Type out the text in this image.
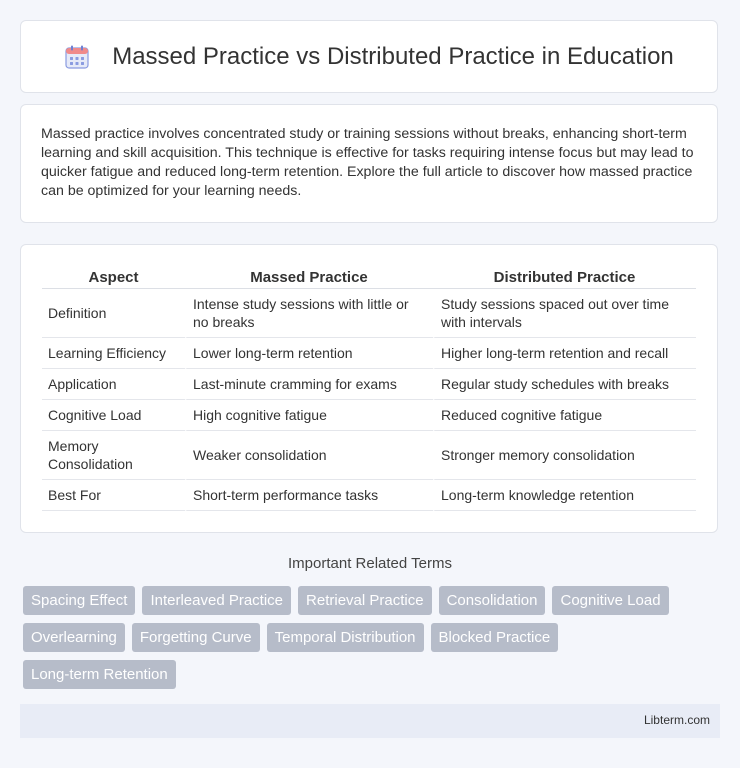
Massed Practice vs Distributed Practice in Education

Massed practice involves concentrated study or training sessions without breaks, enhancing short-term learning and skill acquisition. This technique is effective for tasks requiring intense focus but may lead to quicker fatigue and reduced long-term retention. Explore the full article to discover how massed practice can be optimized for your learning needs.

Aspect	Massed Practice	Distributed Practice
Definition	Intense study sessions with little or no breaks	Study sessions spaced out over time with intervals
Learning Efficiency	Lower long-term retention	Higher long-term retention and recall
Application	Last-minute cramming for exams	Regular study schedules with breaks
Cognitive Load	High cognitive fatigue	Reduced cognitive fatigue
Memory Consolidation	Weaker consolidation	Stronger memory consolidation
Best For	Short-term performance tasks	Long-term knowledge retention
Important Related Terms
Spacing Effect	Interleaved Practice	Retrieval Practice	Consolidation	Cognitive Load
Overlearning	Forgetting Curve	Temporal Distribution	Blocked Practice
Long-term Retention
Libterm.com
